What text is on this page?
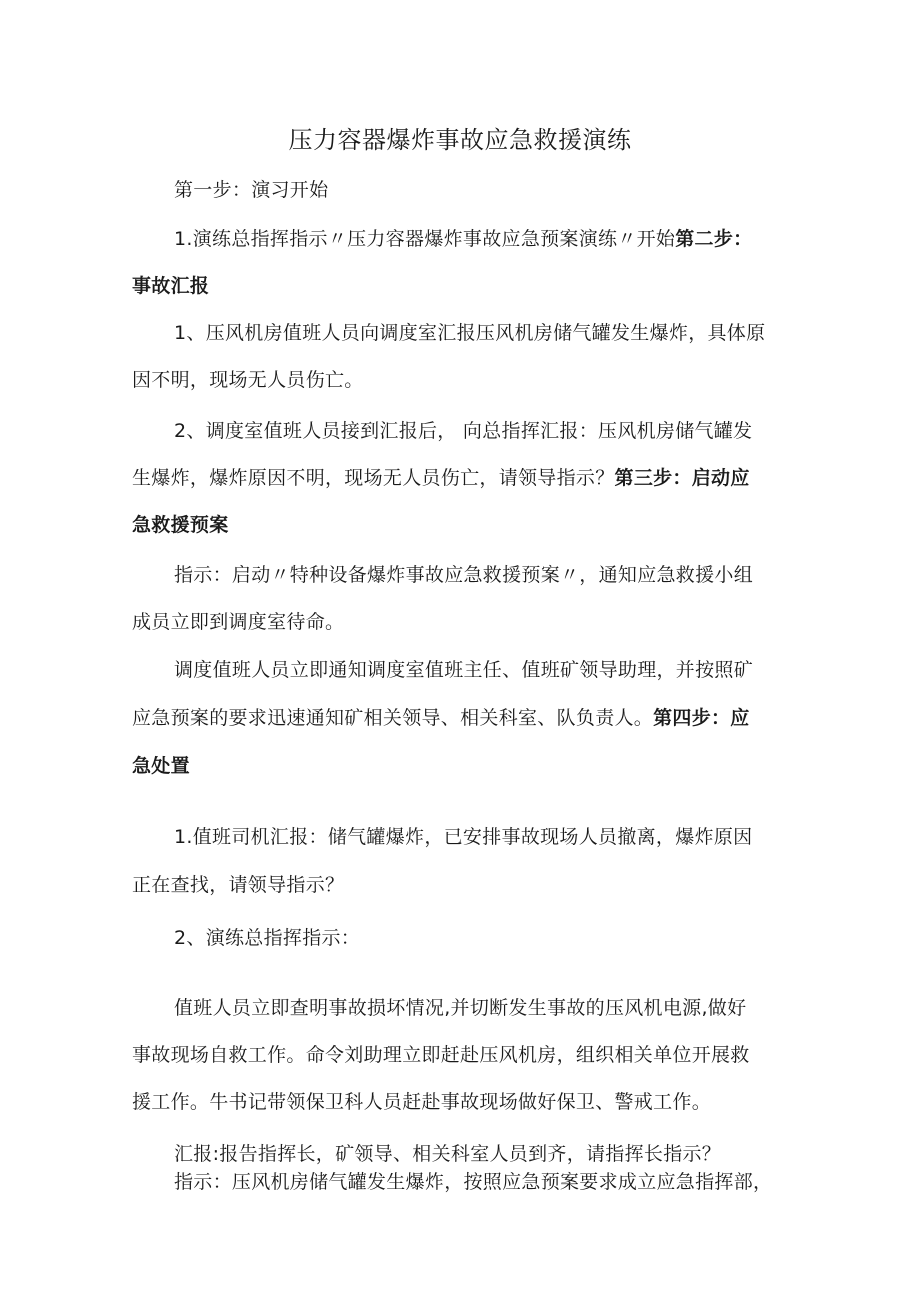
压力容器爆炸事故应急救援演练
第一步：演习开始
1.演练总指挥指示〃压力容器爆炸事故应急预案演练〃开始第二步：
事故汇报
1、压风机房值班人员向调度室汇报压风机房储气罐发生爆炸，具体原
因不明，现场无人员伤亡。
2、调度室值班人员接到汇报后， 向总指挥汇报：压风机房储气罐发
生爆炸，爆炸原因不明，现场无人员伤亡，请领导指示？第三步：启动应
急救援预案
指示：启动〃特种设备爆炸事故应急救援预案〃，通知应急救援小组
成员立即到调度室待命。
调度值班人员立即通知调度室值班主任、值班矿领导助理，并按照矿
应急预案的要求迅速通知矿相关领导、相关科室、队负责人。第四步：应
急处置
1.值班司机汇报：储气罐爆炸，已安排事故现场人员撤离，爆炸原因
正在查找，请领导指示？
2、演练总指挥指示：
值班人员立即查明事故损坏情况,并切断发生事故的压风机电源,做好
事故现场自救工作。命令刘助理立即赶赴压风机房，组织相关单位开展救
援工作。牛书记带领保卫科人员赶赴事故现场做好保卫、警戒工作。
汇报:报告指挥长，矿领导、相关科室人员到齐，请指挥长指示？
指示：压风机房储气罐发生爆炸，按照应急预案要求成立应急指挥部，
